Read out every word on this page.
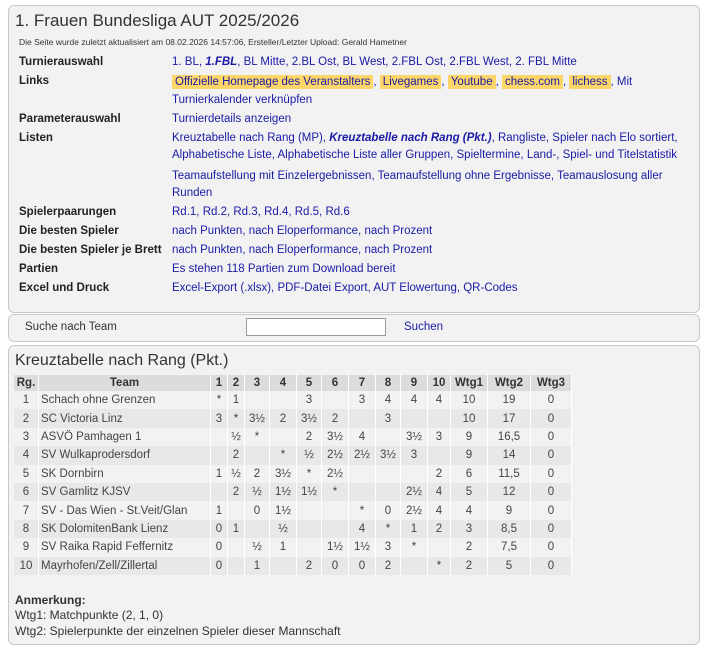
1. Frauen Bundesliga AUT 2025/2026
Die Seite wurde zuletzt aktualisiert am 08.02.2026 14:57:06, Ersteller/Letzter Upload: Gerald Hametner
Turnierauswahl	1. BL, 1.FBL, BL Mitte, 2.BL Ost, BL West, 2.FBL Ost, 2.FBL West, 2. FBL Mitte
Links	Offizielle Homepage des Veranstalters , Livegames , Youtube , chess.com , lichess , Mit Turnierkalender verknüpfen
Parameterauswahl	Turnierdetails anzeigen
Listen	Kreuztabelle nach Rang (MP), Kreuztabelle nach Rang (Pkt.), Rangliste, Spieler nach Elo sortiert, Alphabetische Liste, Alphabetische Liste aller Gruppen, Spieltermine, Land-, Spiel- und Titelstatistik
Teamaufstellung mit Einzelergebnissen, Teamaufstellung ohne Ergebnisse, Teamauslosung aller Runden

Spielerpaarungen	Rd.1, Rd.2, Rd.3, Rd.4, Rd.5, Rd.6
Die besten Spieler	nach Punkten, nach Eloperformance, nach Prozent
Die besten Spieler je Brett	nach Punkten, nach Eloperformance, nach Prozent
Partien	Es stehen 118 Partien zum Download bereit
Excel und Druck	Excel-Export (.xlsx), PDF-Datei Export, AUT Elowertung, QR-Codes
Suche nach Team	Suchen
Kreuztabelle nach Rang (Pkt.)
Rg.	Team	1	2	3	4	5	6	7	8	9	10	Wtg1	Wtg2	Wtg3
1	Schach ohne Grenzen	*	1			3		3	4	4	4	10	19	0
2	SC Victoria Linz	3	*	3½	2	3½	2		3			10	17	0
3	ASVÖ Pamhagen 1		½	*		2	3½	4		3½	3	9	16,5	0
4	SV Wulkaprodersdorf		2		*	½	2½	2½	3½	3		9	14	0
5	SK Dornbirn	1	½	2	3½	*	2½				2	6	11,5	0
6	SV Gamlitz KJSV		2	½	1½	1½	*			2½	4	5	12	0
7	SV - Das Wien - St.Veit/Glan	1		0	1½			*	0	2½	4	4	9	0
8	SK DolomitenBank Lienz	0	1		½			4	*	1	2	3	8,5	0
9	SV Raika Rapid Feffernitz	0		½	1		1½	1½	3	*		2	7,5	0
10	Mayrhofen/Zell/Zillertal	0		1		2	0	0	2		*	2	5	0
Anmerkung:
Wtg1: Matchpunkte (2, 1, 0)
Wtg2: Spielerpunkte der einzelnen Spieler dieser Mannschaft
